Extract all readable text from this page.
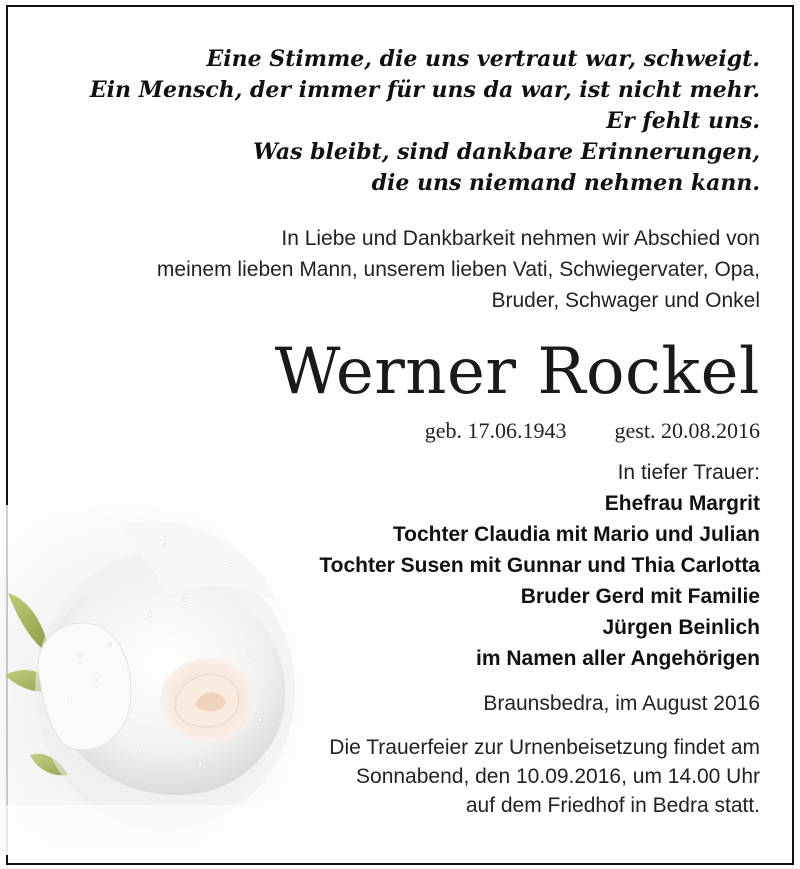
Eine Stimme, die uns vertraut war, schweigt.
Ein Mensch, der immer für uns da war, ist nicht mehr.
Er fehlt uns.
Was bleibt, sind dankbare Erinnerungen,
die uns niemand nehmen kann.
In Liebe und Dankbarkeit nehmen wir Abschied von
meinem lieben Mann, unserem lieben Vati, Schwiegervater, Opa,
Bruder, Schwager und Onkel
Werner Rockel
geb. 17.06.1943 gest. 20.08.2016
In tiefer Trauer:
Ehefrau Margrit
Tochter Claudia mit Mario und Julian
Tochter Susen mit Gunnar und Thia Carlotta
Bruder Gerd mit Familie
Jürgen Beinlich
im Namen aller Angehörigen
Braunsbedra, im August 2016
Die Trauerfeier zur Urnenbeisetzung findet am
Sonnabend, den 10.09.2016, um 14.00 Uhr
auf dem Friedhof in Bedra statt.
